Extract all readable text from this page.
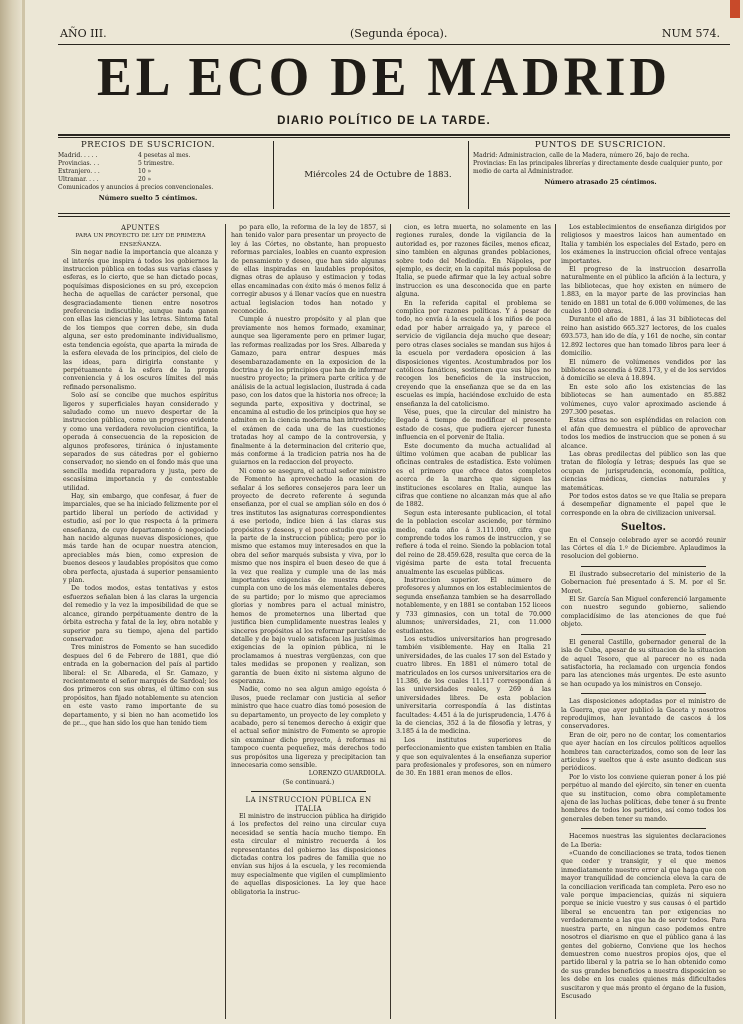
AÑO III.	(Segunda época).	NUM 574.
EL ECO DE MADRID
DIARIO POLÍTICO DE LA TARDE.
PRECIOS DE SUSCRICION.
Madrid. . . . .	4 pesetas al mes.
Provincias. . .	5 trimestre.
Extranjero. . .	10 »
Ultramar. . . .	20 »
Comunicados y anuncios á precios convencionales.
Número suelto 5 céntimos.
Miércoles 24 de Octubre de 1883.
PUNTOS DE SUSCRICION.
Madrid: Administracion, calle de la Madera, número 26, bajo de recha.
Provincias: En las principales librerías y directamente desde cualquier punto, por medio de carta al Administrador.
Número atrasado 25 céntimos.

APUNTES

PARA UN PROYECTO DE LEY DE PRIMERA ENSEÑANZA.

Sin negar nadie la importancia que alcanza y el interés que inspira á todos los gobiernos la instruccion pública en todas sus varias clases y esferas, es lo cierto, que se han dictado pocas, poquísimas disposiciones en su pró, excepcion hecha de aquellas de carácter personal, que desgraciadamente tienen entre nosotros preferencia indiscutible, aunque nada ganen con ellas las ciencias y las letras. Síntoma fatal de los tiempos que corren debe, sin duda alguna, ser esto predominante individualismo, esta tendencia egoísta, que aparta la mirada de la esfera elevada de los principios, del cielo de las ideas, para dirigirla constante y perpétuamente á la esfera de la propia conveniencia y á los oscuros límites del más refinado personalismo.

Solo así se concibe que muchos espíritus ligeros y superficiales hayan considerado y saludado como un nuevo despertar de la instruccion pública, como un progreso evidente y como una verdadera revolucion científica, la operada á consecuencia de la reposicion de algunos profesores, tiránica ó injustamente separados de sus cátedras por el gobierno conservador, no siendo en el fondo más que una sencilla medida reparadora y justa, pero de escasísima importancia y de contestable utilidad.

Hay, sin embargo, que confesar, á fuer de imparciales, que se ha iniciado felizmente por el partido liberal un período de actividad y estudio, así por lo que respecta á la primera enseñanza, de cuyo departamento ó negociado han nacido algunas nuevas disposiciones, que más tarde han de ocupar nuestra atencion, apreciables más bien, como expresion de buenos deseos y laudables propósitos que como obra perfecta, ajustada á superior pensamiento y plan.

De todos modos, estas tentativas y estos esfuerzos señalan bien á las claras la urgencia del remedio y la vez la imposibilidad de que se alcance, girando perpétuamente dentro de la órbita estrecha y fatal de la ley, obra notable y superior para su tiempo, ajena del partido conservador.

Tres ministros de Fomento se han sucedido despues del 6 de Febrero de 1881, que dió entrada en la gobernacion del país al partido liberal: el Sr. Albareda, el Sr. Gamazo, y recientemente el señor marqués de Sardoal; los dos primeros con sus obras, el último con sus propósitos, han fijado notablemente su atencion en este vasto ramo importante de su departamento, y si bien no han acometido los de pr..., que han sido los que han tenido tiem

po para ello, la reforma de la ley de 1857, si han tenido valor para presentar un proyecto de ley á las Córtes, no obstante, han propuesto reformas parciales, loables en cuanto expresion de pensamiento y deseo, que han sido algunas de ellas inspiradas en laudables propósitos, dignas otras de aplauso y estimacion y todas ellas encaminadas con éxito más ó menos feliz á corregir abusos y á llenar vacíos que en nuestra actual legislacion todos han notado y reconocido.

Cumple á nuestro propósito y al plan que previamente nos hemos formado, examinar, aunque sea ligeramente pero en primer lugar, las reformas realizadas por los Sres. Albareda y Gamazo, para entrar despues más desembarazadamente en la exposicion de la doctrina y de los principios que han de informar nuestro proyecto; la primera parte crítica y de análisis de la actual legislacion, ilustrada á cada paso, con los datos que la historia nos ofrece; la segunda parte, expositiva y doctrinal, se encamina al estudio de los principios que hoy se admiten en la ciencia moderna han introducido; el exámen de cada una de las cuestiones tratadas hoy al campo de la controversia, y finalmente á la determinacion del criterio que, más conforme á la tradicion patria nos ha de guiarnos en la redaccion del proyecto.

Ni como se asegura, el actual señor ministro de Fomento ha aprovechado la ocasion de señalar á los señores consejeros para leer un proyecto de decreto referente á segunda enseñanza, por el cual se amplian sólo en dos ó tres institutos las asignaturas correspondientes á ese periodo, índice bien á las claras sus propósitos y deseos, y el poco estudio que exija la parte de la instruccion pública; pero por lo mismo que estamos muy interesados en que la obra del señor marqués subsista y viva, por lo mismo que nos inspira el buen deseo de que á la vez que realiza y cumple una de las más importantes exigencias de nuestra época, cumpla con uno de los más elementales deberes de su partido; por lo mismo que apreciamos glorias y nombres para el actual ministro, hemos de prometernos una libertad que justifica bien cumplidamente nuestras leales y sinceros propósitos al los reformar parciales de detalle y de bajo vuelo satisfacen las justísimas exigencias de la opinion pública, ni le proclamamos á nuestras vergüenzas, con que tales medidas se proponen y realizan, son garantía de buen éxito ni sistema alguno de esperanza.

Nadie, como no sea algun amigo egoísta ó ilusos, puede reclamar con justicia al señor ministro que hace cuatro días tomó posesion de su departamento, un proyecto de ley completo y acabado, pero sí tenemos derecho á exigir que el actual señor ministro de Fomento se apropie sin examinar dicho proyecto, á reformas ni tampoco cuenta pequeñez, más derechos todo sus propósitos una ligereza y precipitacion tan innecesaria como sensible.

LORENZO GUARDIOLA.

(Se continuará.)

LA INSTRUCCION PÚBLICA EN ITALIA

El ministro de instruccion pública ha dirigido á los prefectos del reino una circular cuya necesidad se sentía hacía mucho tiempo. En esta circular el ministro recuerda á los representantes del gobierno las disposiciones dictadas contra los padres de familia que no envían sus hijos á la escuela, y les recomienda muy especialmente que vigilen el cumplimiento de aquellas disposiciones. La ley que hace obligatoria la instruc-

cion, es letra muerta, no solamente en las regiones rurales, donde la vigilancia de la autoridad es, por razones fáciles, menos eficaz, sino tambien en algunas grandes poblaciones, sobre todo del Mediodía. En Nápoles, por ejemplo, es decir, en la capital más populosa de Italia, se puede afirmar que la ley actual sobre instruccion es una desconocida que en parte alguna.

En la referida capital el problema se complica por razones políticas. Y á pesar de todo, no envía á la escuela á los niños de poca edad por haber arraigado ya, y parece el servicio de vigilancia deja mucho que desear; pero otras clases sociales se mandan sus hijos á la escuela por verdadera oposicion á las disposiciones vigentes. Acostumbrados por los católicos fanáticos, sostienen que sus hijos no recogen los beneficios de la instruccion, creyendo que la enseñanza que se da en las escuelas es impía, haciéndose excluido de esta enseñanza la del catolicismo.

Vése, pues, que la circular del ministro ha llegado á tiempo de modificar el presente estado de cosas, que pudiera ejercer funesta influencia en el porvenir de Italia.

Este documento da mucha actualidad al último volúmen que acaban de publicar las oficinas centrales de estadística. Este volúmen es el primero que ofrece datos completos acerca de la marcha que siguen las instituciones escolares en Italia, aunque las cifras que contiene no alcanzan más que al año de 1882.

Segun esta interesante publicacion, el total de la poblacion escolar asciende, por término medio, cada año á 3.111.000, cifra que comprende todos los ramos de instruccion, y se refiere á toda el reino. Siendo la poblacion total del reino de 28.459.628, resulta que cerca de la vigésima parte de esta total frecuenta anualmente las escuelas públicas.

Instruccion superior. El número de profesores y alumnos en los establecimientos de segunda enseñanza tambien se ha desarrollado notablemente, y en 1881 se contaban 152 liceos y 733 gimnasios, con un total de 70.000 alumnos; universidades, 21, con 11.000 estudiantes.

Los estudios universitarios han progresado también visiblemente. Hay en Italia 21 universidades, de las cuales 17 son del Estado y cuatro libres. En 1881 el número total de matriculados en los cursos universitarios era de 11.386, de los cuales 11.117 correspondían á las universidades reales, y 269 á las universidades libres. De esta poblacion universitaria correspondía á las distintas facultades: 4.451 á la de jurisprudencia, 1.476 á la de ciencias, 352 á la de filosofía y letras, y 3.185 á la de medicina.

Los institutos superiores de perfeccionamiento que existen tambien en Italia y que son equivalentes á la enseñanza superior para profesionales y profesores, son en número de 30. En 1881 eran menos de ellos.

Los establecimientos de enseñanza dirigidos por religiosos y maestros laicos han aumentado en Italia y también los especiales del Estado, pero en los exámenes la instruccion oficial ofrece ventajas importantes.

El progreso de la instruccion desarrolla naturalmente en el público la afición á la lectura, y las bibliotecas, que hoy existen en número de 1.883, en la mayor parte de las provincias han tenido en 1881 un total de 6.000 volúmenes, de las cuales 1.000 obras.

Durante el año de 1881, á las 31 bibliotecas del reino han asistido 665.327 lectores, de los cuales 693.573, han ido de día, y 161 de noche, sin contar 12.892 lectores que han tomado libros para leer á domicilio.

El número de volúmenes vendidos por las bibliotecas ascendía á 928.173, y el de los servidos á domicilio se eleva á 18.894.

En este solo año los existencias de las bibliotecas se han aumentado en 85.882 volúmenes, cuyo valor aproximado asciende á 297.300 pesetas.

Estas cifras no son espléndidas en relacion con el afán que demuestra el público de aprovechar todos los medios de instruccion que se ponen á su alcance.

Las obras predilectas del público son las que tratan de filología y letras; después las que se ocupan de jurisprudencia, economía, política, ciencias médicas, ciencias naturales y matemáticas.

Por todos estos datos se ve que Italia se prepara á desempeñar dignamente el papel que le corresponde en la obra de civilizacion universal.

Sueltos.

En el Consejo celebrado ayer se acordó reunir las Córtes el día 1.º de Diciembre. Aplaudimos la resolucion del gobierno.

El ilustrado subsecretario del ministerio de la Gobernacion fué presentado á S. M. por el Sr. Moret.

El Sr. García San Miguel conferenció largamente con nuestro segundo gobierno, saliendo complacidísimo de las atenciones de que fué objeto.

El general Castillo, gobernador general de la isla de Cuba, apesar de su situacion de la situacion de aquel Tesoro, que al parecer no es nada satisfactoria, ha reclamado con urgencia fondos para las atenciones más urgentes. De este asunto se han ocupado ya los ministros en Consejo.

Las disposiciones adoptadas por el ministro de la Guerra, que ayer publicó la Gaceta y nosotros reprodujimos, han levantado de cascos á los conservadores.

Eran de oir, pero no de contar, los comentarios que ayer hacían en los círculos políticos aquellos hombres tan caracterizados, como son de leer las artículos y sueltos que á este asunto dedican sus periódicos.

Por lo visto los conviene quieran poner á los pié perpétuo al mando del ejército, sin tener en cuenta que su institucion, como obra completamente ajena de las luchas políticas, debe tener á su frente hombres de todos los partidos, así como todos los generales deben tener su mando.

Hacemos nuestras las siguientes declaraciones de La Iberia:

«Cuando de conciliaciones se trata, todos tienen que ceder y transigir, y el que menos inmediatamente nuestro error al que haga que con mayor tranquilidad de conciencia eleva la cara de la conciliacion verificada tan completa. Pero eso no vale porque impaciencias, quizás ni siquiera porque se inicie vuestro y sus causas ó el partido liberal se encuentra tan por exigencias no verdaderamente a las que ha de servir todos. Para nuestra parte, en ningun caso podemos entre nosotros el diarismo en que el público gana á las gentes del gobierno, Conviene que los hechos demuestren como nuestros propios ojos, que el partido liberal y la patria se lo han obtenido como de sus grandes beneficios a nuestra disposicion se les debe en los cuales quienes más dificultades suscitaron y que más pronto el órgano de la fusion, Escusado
